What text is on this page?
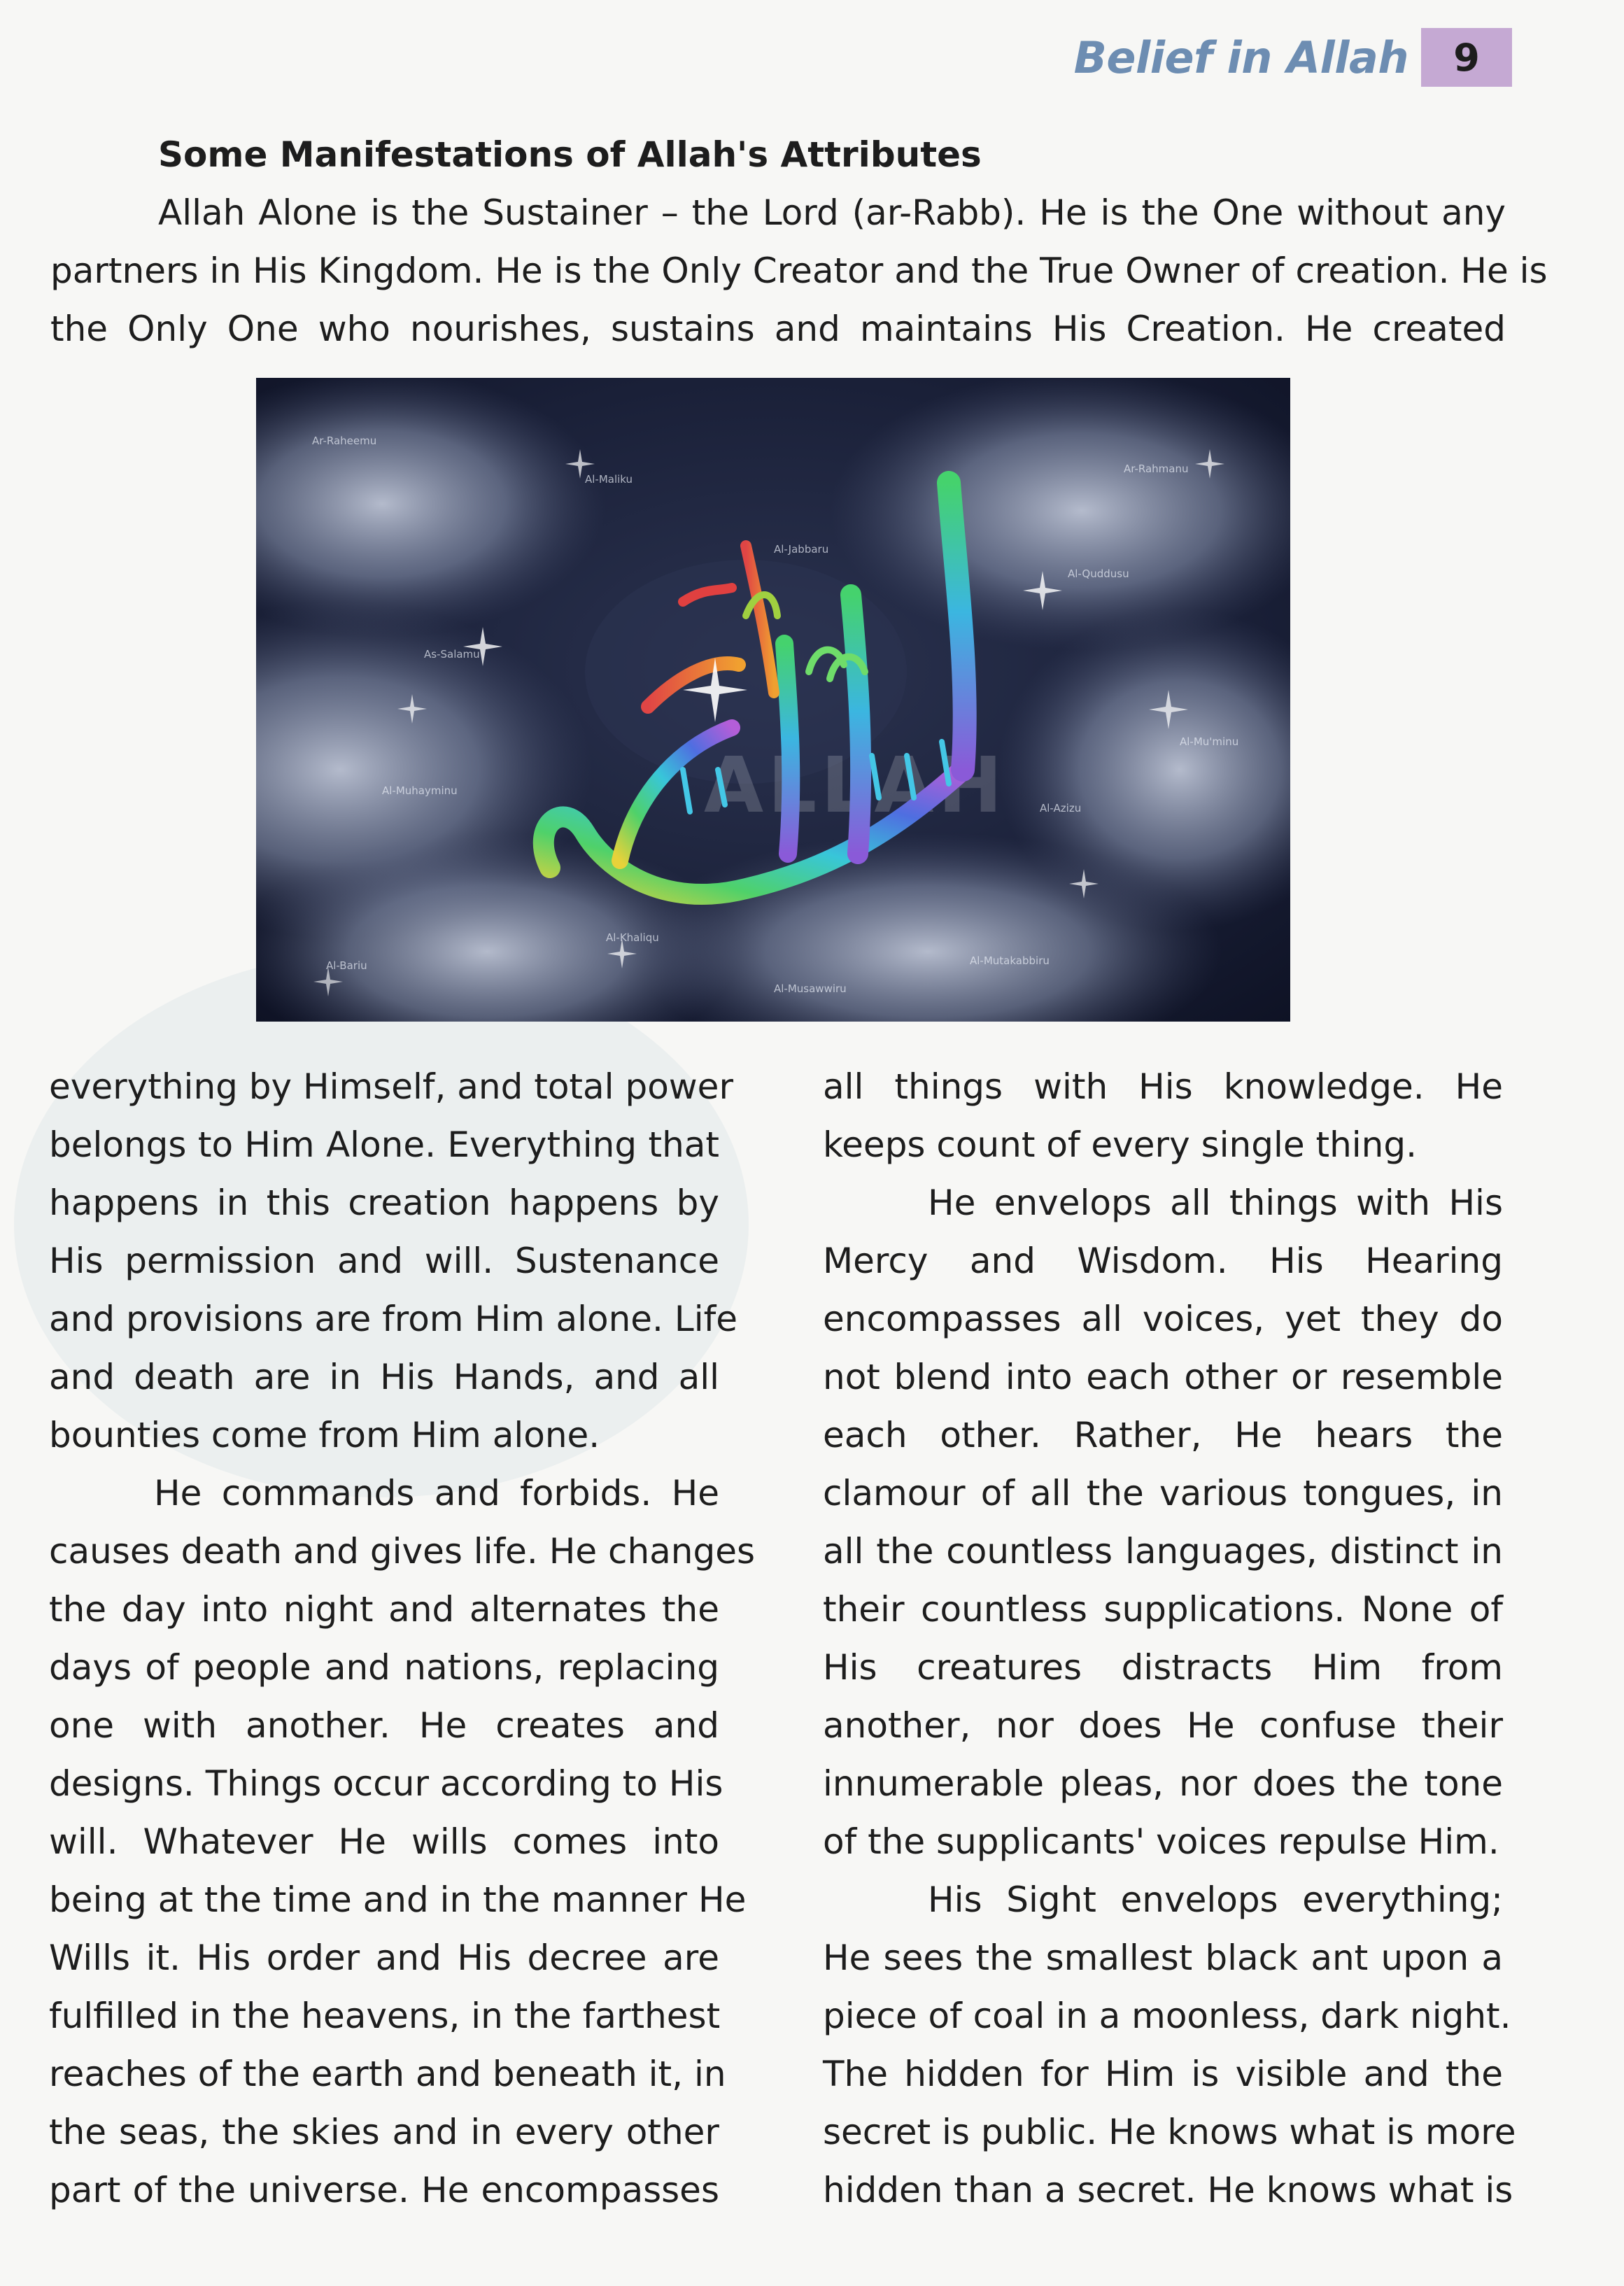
Belief in Allah	9
Some Manifestations of Allah's Attributes
Allah Alone is the Sustainer – the Lord (ar-Rabb). He is the One without any
partners in His Kingdom. He is the Only Creator and the True Owner of creation. He is
the Only One who nourishes, sustains and maintains His Creation. He created
ALLAH
Ar-Raheemu
Al-Maliku
Ar-Rahmanu
Al-Jabbaru
Al-Quddusu
As-Salamu
Al-Mu'minu
Al-Muhayminu
Al-Azizu
Al-Khaliqu
Al-Bariu
Al-Musawwiru
Al-Mutakabbiru
everything by Himself, and total power
belongs to Him Alone. Everything that
happens in this creation happens by
His permission and will. Sustenance
and provisions are from Him alone. Life
and death are in His Hands, and all
bounties come from Him alone.
He commands and forbids. He
causes death and gives life. He changes
the day into night and alternates the
days of people and nations, replacing
one with another. He creates and
designs. Things occur according to His
will. Whatever He wills comes into
being at the time and in the manner He
Wills it. His order and His decree are
fulfilled in the heavens, in the farthest
reaches of the earth and beneath it, in
the seas, the skies and in every other
part of the universe. He encompasses
all things with His knowledge. He
keeps count of every single thing.
He envelops all things with His
Mercy and Wisdom. His Hearing
encompasses all voices, yet they do
not blend into each other or resemble
each other. Rather, He hears the
clamour of all the various tongues, in
all the countless languages, distinct in
their countless supplications. None of
His creatures distracts Him from
another, nor does He confuse their
innumerable pleas, nor does the tone
of the supplicants' voices repulse Him.
His Sight envelops everything;
He sees the smallest black ant upon a
piece of coal in a moonless, dark night.
The hidden for Him is visible and the
secret is public. He knows what is more
hidden than a secret. He knows what is
